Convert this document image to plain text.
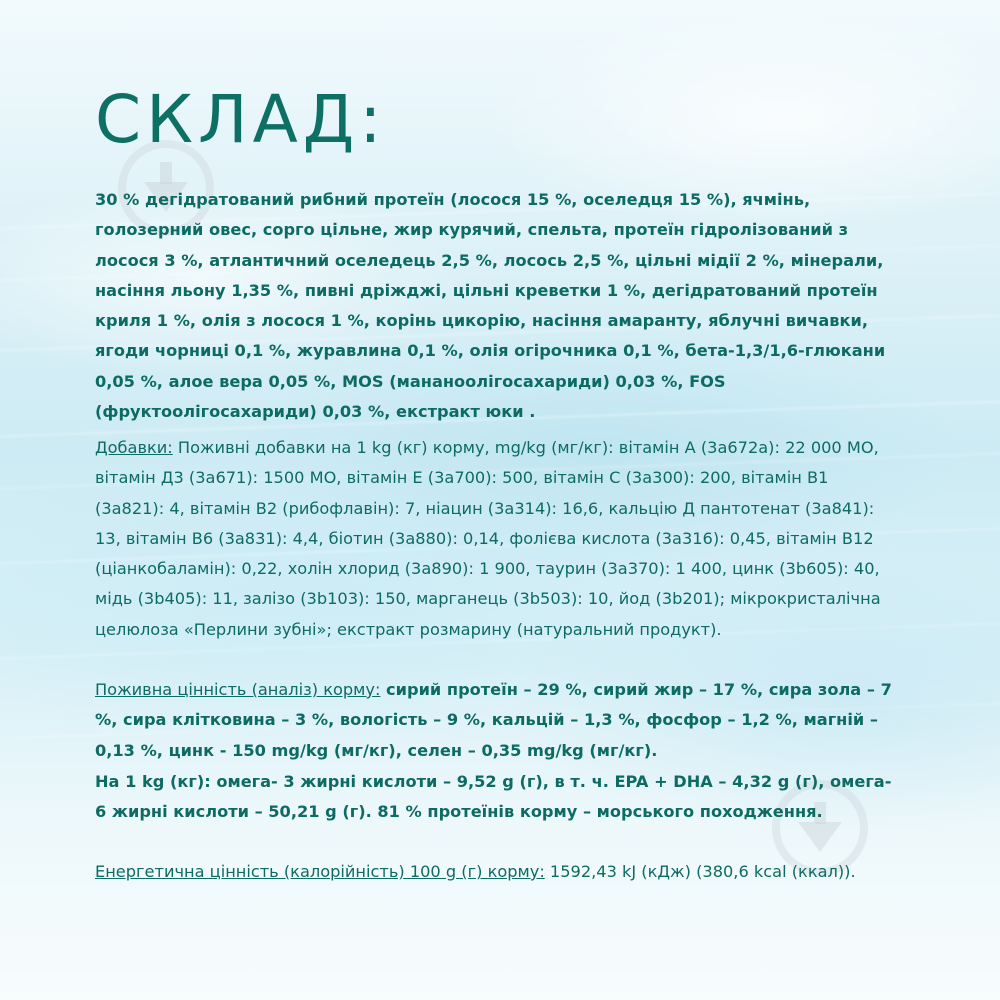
СКЛАД:

30 % дегідратований рибний протеїн (лосося 15 %, оселедця 15 %), ячмінь, голозерний овес, сорго цільне, жир курячий, спельта, протеїн гідролізований з лосося 3 %, атлантичний оселедець 2,5 %, лосось 2,5 %, цільні мідії 2 %, мінерали, насіння льону 1,35 %, пивні дріжджі, цільні креветки 1 %, дегідратований протеїн криля 1 %, олія з лосося 1 %, корінь цикорію, насіння амаранту, яблучні вичавки, ягоди чорниці 0,1 %, журавлина 0,1 %, олія огірочника 0,1 %, бета-1,3/1,6-глюкани 0,05 %, алое вера 0,05 %, MOS (мананоолігосахариди) 0,03 %, FOS (фруктоолігосахариди) 0,03 %, екстракт юки .

Добавки: Поживні добавки на 1 kg (кг) корму, mg/kg (мг/кг): вітамін А (3а672a): 22 000 МО, вітамін Д3 (3а671): 1500 МО, вітамін Е (3а700): 500, вітамін С (3а300): 200, вітамін В1 (3а821): 4, вітамін В2 (рибофлавін): 7, ніацин (3а314): 16,6, кальцію Д пантотенат (3а841): 13, вітамін В6 (3а831): 4,4, біотин (3а880): 0,14, фолієва кислота (3а316): 0,45, вітамін В12 (ціанкобаламін): 0,22, холін хлорид (3а890): 1 900, таурин (3а370): 1 400, цинк (3b605): 40, мідь (3b405): 11, залізо (3b103): 150, марганець (3b503): 10, йод (3b201); мікрокристалічна целюлоза «Перлини зубні»; екстракт розмарину (натуральний продукт).

Поживна цінність (аналіз) корму: сирий протеїн – 29 %, сирий жир – 17 %, сира зола – 7 %, сира клітковина – 3 %, вологість – 9 %, кальцій – 1,3 %, фосфор – 1,2 %, магній – 0,13 %, цинк - 150 mg/kg (мг/кг), селен – 0,35 mg/kg (мг/кг).

На 1 kg (кг): омега- 3 жирні кислоти – 9,52 g (г), в т. ч. EPA + DHA – 4,32 g (г), омега- 6 жирні кислоти – 50,21 g (г). 81 % протеїнів корму – морського походження.

Енергетична цінність (калорійність) 100 g (г) корму: 1592,43 kJ (кДж) (380,6 kcal (ккал)).
